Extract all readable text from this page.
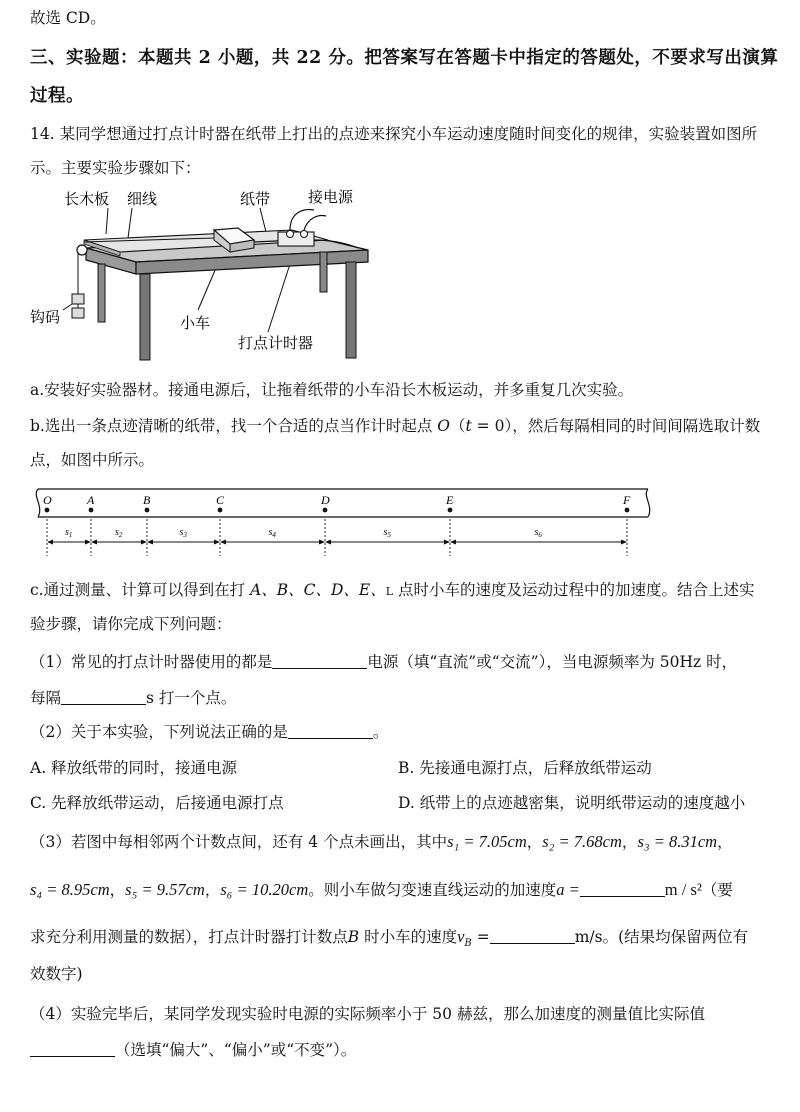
故选 CD。
三、实验题：本题共 2 小题，共 22 分。把答案写在答题卡中指定的答题处，不要求写出演算
过程。
14. 某同学想通过打点计时器在纸带上打出的点迹来探究小车运动速度随时间变化的规律，实验装置如图所
示。主要实验步骤如下：
长木板 细线	纸带	接电源
钩码	小车
打点计时器
a.安装好实验器材。接通电源后，让拖着纸带的小车沿长木板运动，并多重复几次实验。
b.选出一条点迹清晰的纸带，找一个合适的点当作计时起点 O（t = 0），然后每隔相同的时间间隔选取计数
点，如图中所示。
O	A	B	C	D	E	F
$s_1$	$s_2$	$s_3$	$s_4$	$s_5$	$s_6$
c.通过测量、计算可以得到在打 A、B、C、D、E、L 点时小车的速度及运动过程中的加速度。结合上述实
验步骤，请你完成下列问题：
（1）常见的打点计时器使用的都是	电源（填“直流”或“交流”），当电源频率为 50Hz 时，
每隔	s 打一个点。
（2）关于本实验，下列说法正确的是	。
A. 释放纸带的同时，接通电源	B. 先接通电源打点，后释放纸带运动
C. 先释放纸带运动，后接通电源打点	D. 纸带上的点迹越密集，说明纸带运动的速度越小
（3）若图中每相邻两个计数点间，还有 4 个点未画出，其中s₁ = 7.05cm，s₂ = 7.68cm，s₃ = 8.31cm，
s₄ = 8.95cm，s₅ = 9.57cm，s₆ = 10.20cm。则小车做匀变速直线运动的加速度a =	m / s²（要
求充分利用测量的数据），打点计时器打计数点B 时小车的速度$v_B$ =	m/s。(结果均保留两位有
效数字)
（4）实验完毕后，某同学发现实验时电源的实际频率小于 50 赫兹，那么加速度的测量值比实际值
（选填“偏大”、“偏小”或“不变”）。
